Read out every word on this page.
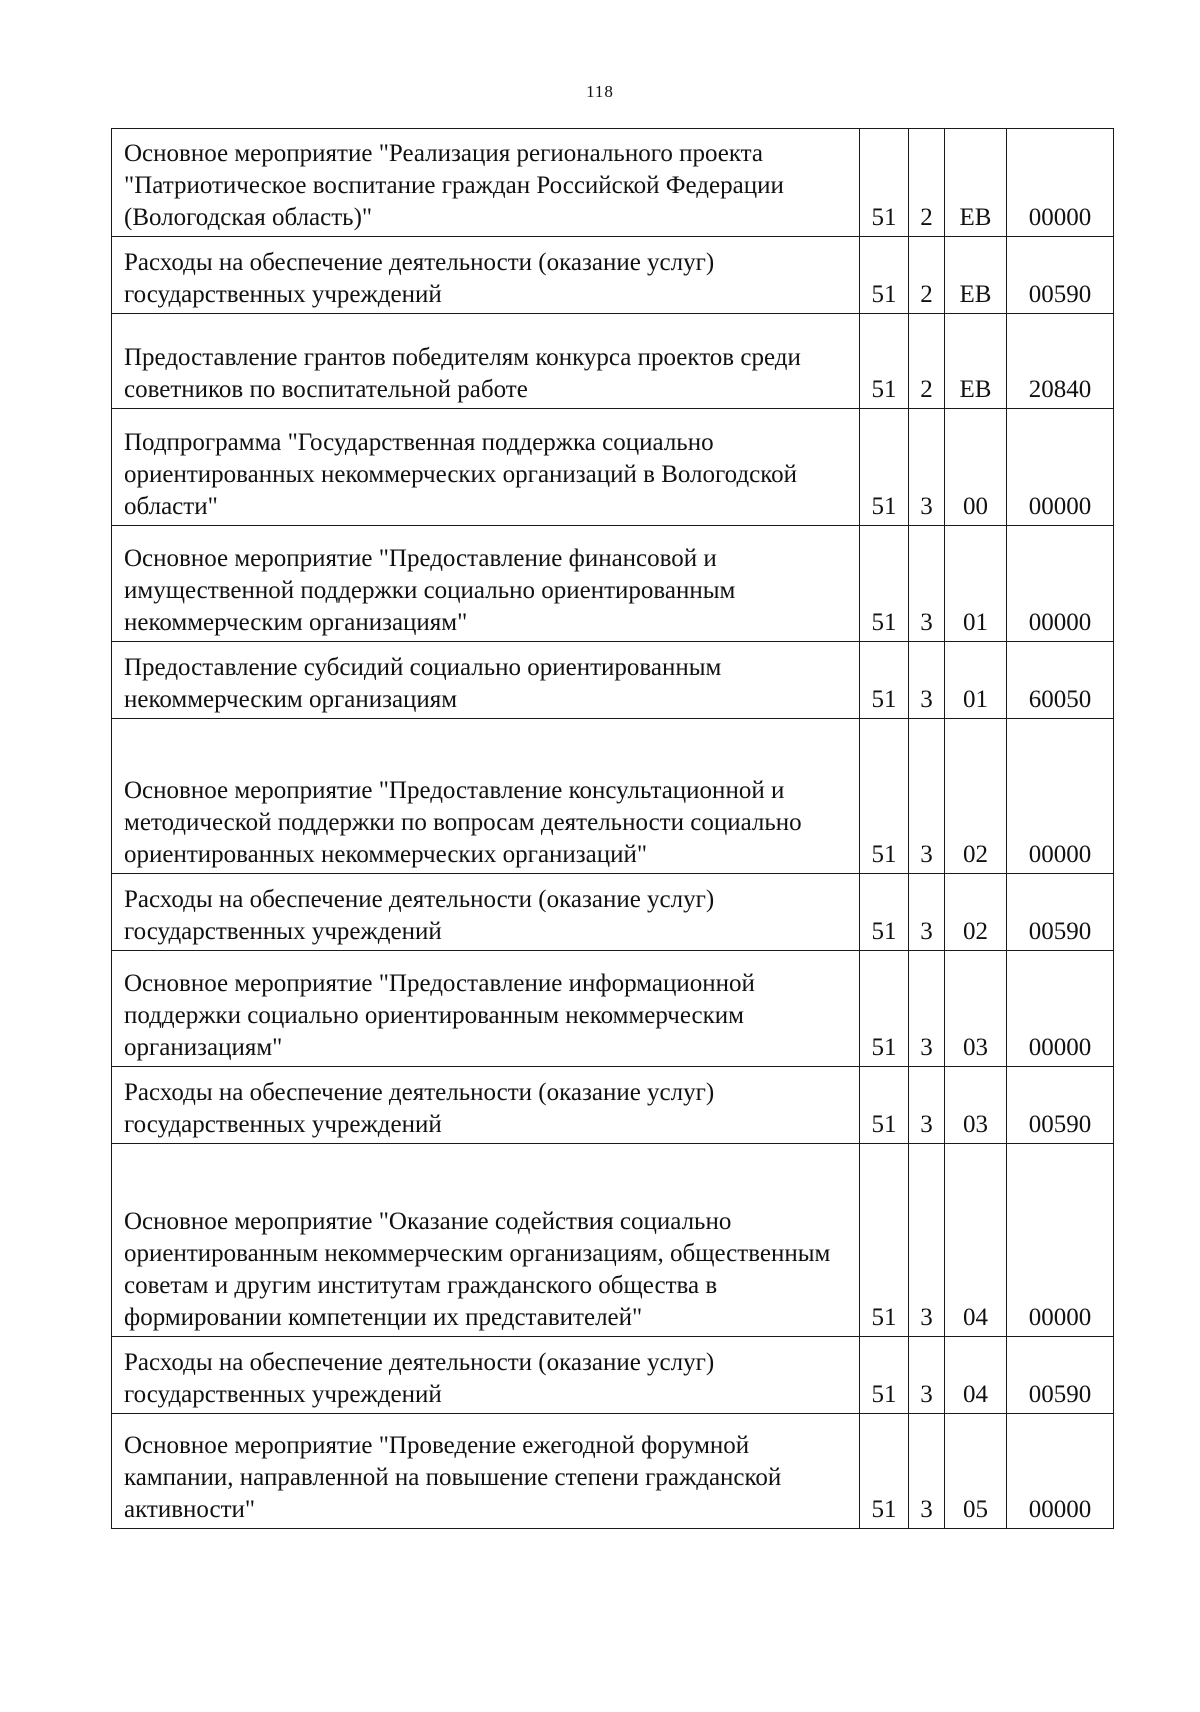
118
Основное мероприятие "Реализация регионального проекта "Патриотическое воспитание граждан Российской Федерации (Вологодская область)"	51	2	ЕВ	00000
Расходы на обеспечение деятельности (оказание услуг) государственных учреждений	51	2	ЕВ	00590
Предоставление грантов победителям конкурса проектов среди советников по воспитательной работе	51	2	ЕВ	20840
Подпрограмма "Государственная поддержка социально ориентированных некоммерческих организаций в Вологодской области"	51	3	00	00000
Основное мероприятие "Предоставление финансовой и имущественной поддержки социально ориентированным некоммерческим организациям"	51	3	01	00000
Предоставление субсидий социально ориентированным некоммерческим организациям	51	3	01	60050
Основное мероприятие "Предоставление консультационной и методической поддержки по вопросам деятельности социально ориентированных некоммерческих организаций"	51	3	02	00000
Расходы на обеспечение деятельности (оказание услуг) государственных учреждений	51	3	02	00590
Основное мероприятие "Предоставление информационной поддержки социально ориентированным некоммерческим организациям"	51	3	03	00000
Расходы на обеспечение деятельности (оказание услуг) государственных учреждений	51	3	03	00590
Основное мероприятие "Оказание содействия социально ориентированным некоммерческим организациям, общественным советам и другим институтам гражданского общества в формировании компетенции их представителей"	51	3	04	00000
Расходы на обеспечение деятельности (оказание услуг) государственных учреждений	51	3	04	00590
Основное мероприятие "Проведение ежегодной форумной кампании, направленной на повышение степени гражданской активности"	51	3	05	00000
